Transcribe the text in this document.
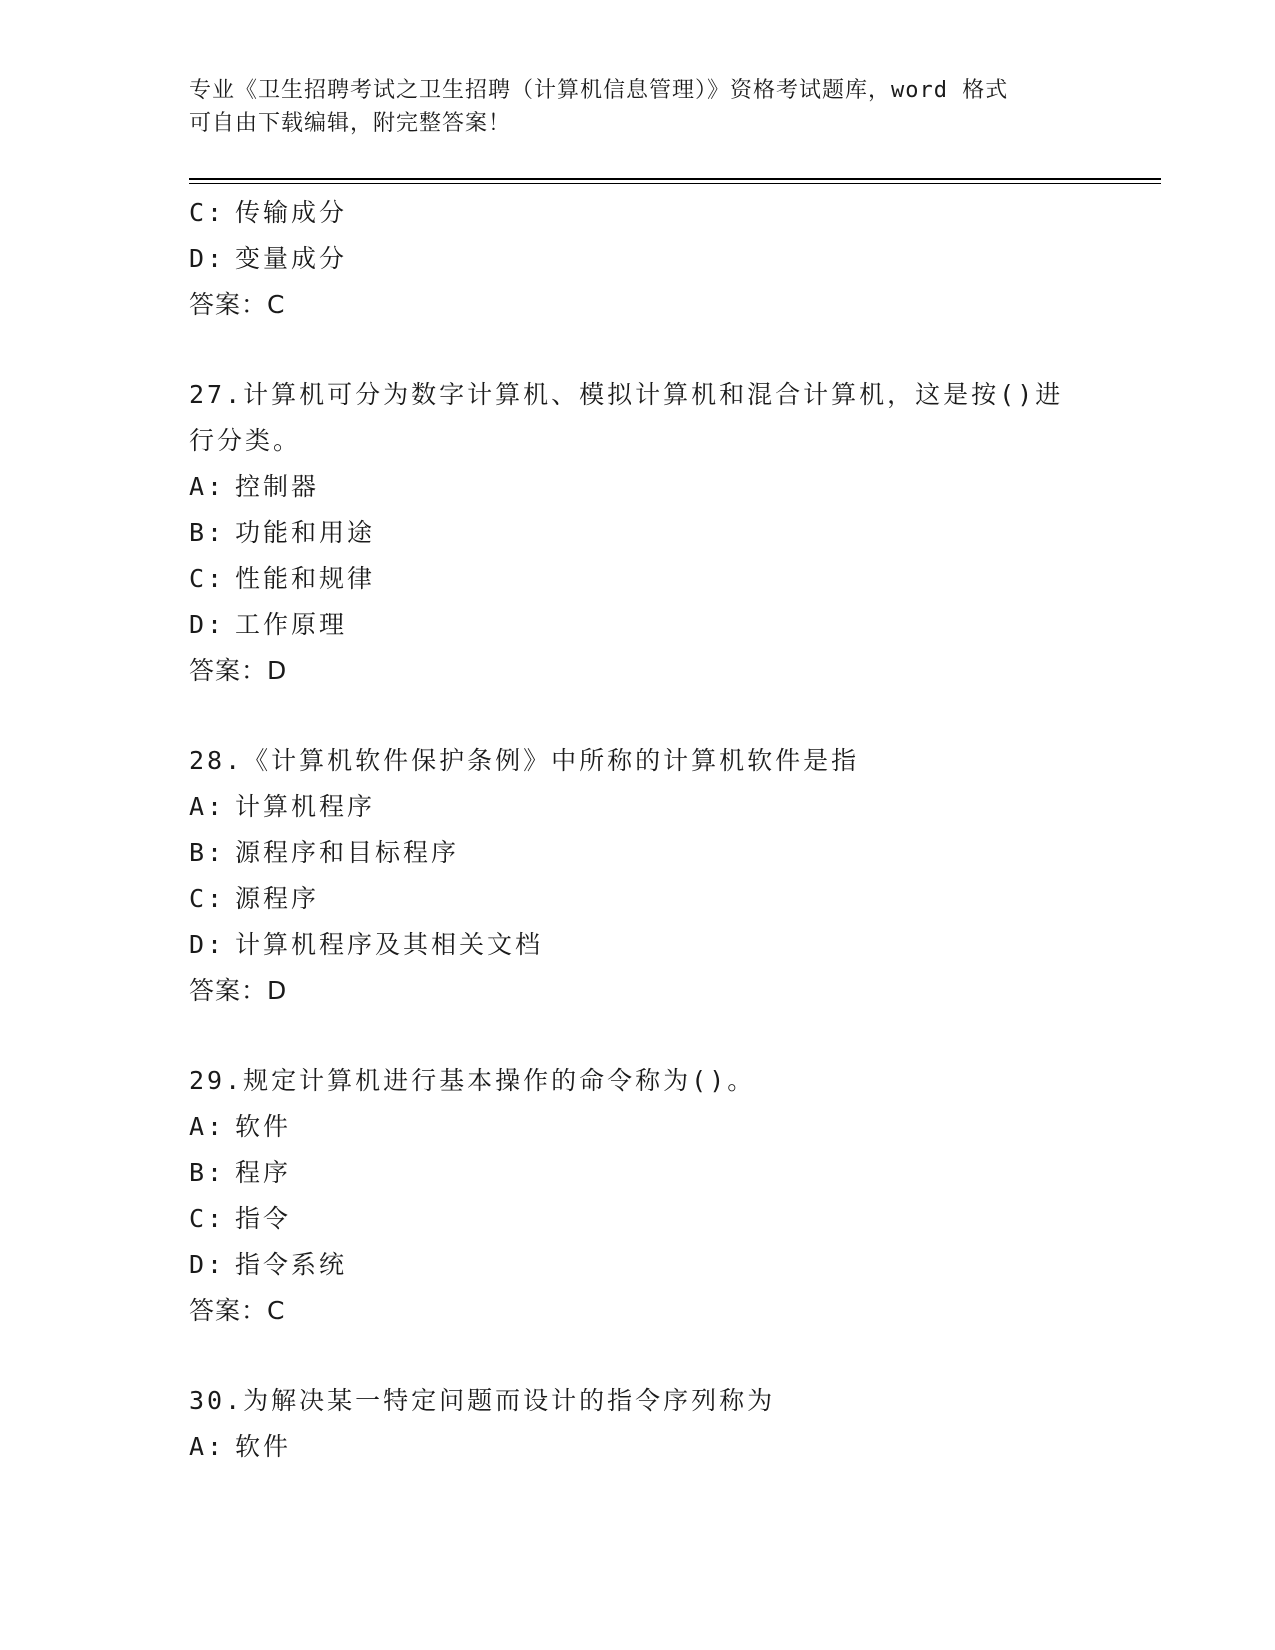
专业《卫生招聘考试之卫生招聘（计算机信息管理）》资格考试题库，word 格式
可自由下载编辑，附完整答案！
C: 传输成分
D: 变量成分
答案：C
27.计算机可分为数字计算机、模拟计算机和混合计算机，这是按()进
行分类。
A: 控制器
B: 功能和用途
C: 性能和规律
D: 工作原理
答案：D
28.《计算机软件保护条例》中所称的计算机软件是指
A: 计算机程序
B: 源程序和目标程序
C: 源程序
D: 计算机程序及其相关文档
答案：D
29.规定计算机进行基本操作的命令称为()。
A: 软件
B: 程序
C: 指令
D: 指令系统
答案：C
30.为解决某一特定问题而设计的指令序列称为
A: 软件
